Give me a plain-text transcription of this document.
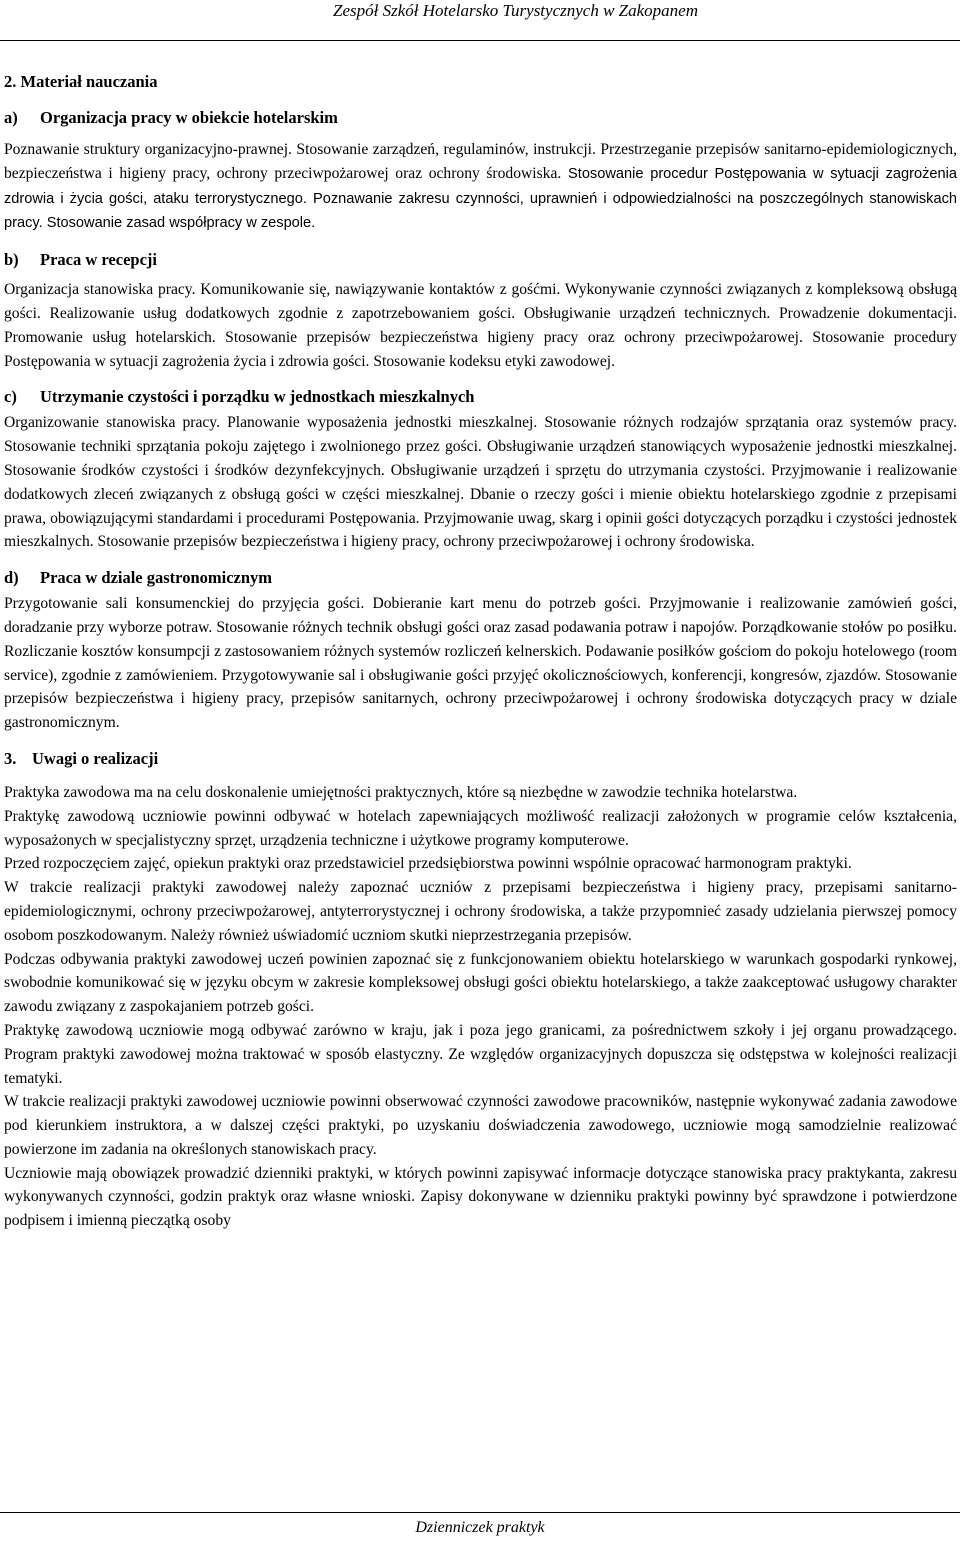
Zespół Szkół Hotelarsko Turystycznych w Zakopanem

2. Materiał nauczania

a) Organizacja pracy w obiekcie hotelarskim

Poznawanie struktury organizacyjno-prawnej. Stosowanie zarządzeń, regulaminów, instrukcji. Przestrzeganie przepisów sanitarno-epidemiologicznych, bezpieczeństwa i higieny pracy, ochrony przeciwpożarowej oraz ochrony środowiska. Stosowanie procedur Postępowania w sytuacji zagrożenia zdrowia i życia gości, ataku terrorystycznego. Poznawanie zakresu czynności, uprawnień i odpowiedzialności na poszczególnych stanowiskach pracy. Stosowanie zasad współpracy w zespole.

b) Praca w recepcji

Organizacja stanowiska pracy. Komunikowanie się, nawiązywanie kontaktów z gośćmi. Wykonywanie czynności związanych z kompleksową obsługą gości. Realizowanie usług dodatkowych zgodnie z zapotrzebowaniem gości. Obsługiwanie urządzeń technicznych. Prowadzenie dokumentacji. Promowanie usług hotelarskich. Stosowanie przepisów bezpieczeństwa higieny pracy oraz ochrony przeciwpożarowej. Stosowanie procedury Postępowania w sytuacji zagrożenia życia i zdrowia gości. Stosowanie kodeksu etyki zawodowej.

c) Utrzymanie czystości i porządku w jednostkach mieszkalnych

Organizowanie stanowiska pracy. Planowanie wyposażenia jednostki mieszkalnej. Stosowanie różnych rodzajów sprzątania oraz systemów pracy. Stosowanie techniki sprzątania pokoju zajętego i zwolnionego przez gości. Obsługiwanie urządzeń stanowiących wyposażenie jednostki mieszkalnej. Stosowanie środków czystości i środków dezynfekcyjnych. Obsługiwanie urządzeń i sprzętu do utrzymania czystości. Przyjmowanie i realizowanie dodatkowych zleceń związanych z obsługą gości w części mieszkalnej. Dbanie o rzeczy gości i mienie obiektu hotelarskiego zgodnie z przepisami prawa, obowiązującymi standardami i procedurami Postępowania. Przyjmowanie uwag, skarg i opinii gości dotyczących porządku i czystości jednostek mieszkalnych. Stosowanie przepisów bezpieczeństwa i higieny pracy, ochrony przeciwpożarowej i ochrony środowiska.

d) Praca w dziale gastronomicznym

Przygotowanie sali konsumenckiej do przyjęcia gości. Dobieranie kart menu do potrzeb gości. Przyjmowanie i realizowanie zamówień gości, doradzanie przy wyborze potraw. Stosowanie różnych technik obsługi gości oraz zasad podawania potraw i napojów. Porządkowanie stołów po posiłku. Rozliczanie kosztów konsumpcji z zastosowaniem różnych systemów rozliczeń kelnerskich. Podawanie posiłków gościom do pokoju hotelowego (room service), zgodnie z zamówieniem. Przygotowywanie sal i obsługiwanie gości przyjęć okolicznościowych, konferencji, kongresów, zjazdów. Stosowanie przepisów bezpieczeństwa i higieny pracy, przepisów sanitarnych, ochrony przeciwpożarowej i ochrony środowiska dotyczących pracy w dziale gastronomicznym.

3. Uwagi o realizacji

Praktyka zawodowa ma na celu doskonalenie umiejętności praktycznych, które są niezbędne w zawodzie technika hotelarstwa.

Praktykę zawodową uczniowie powinni odbywać w hotelach zapewniających możliwość realizacji założonych w programie celów kształcenia, wyposażonych w specjalistyczny sprzęt, urządzenia techniczne i użytkowe programy komputerowe.

Przed rozpoczęciem zajęć, opiekun praktyki oraz przedstawiciel przedsiębiorstwa powinni wspólnie opracować harmonogram praktyki.

W trakcie realizacji praktyki zawodowej należy zapoznać uczniów z przepisami bezpieczeństwa i higieny pracy, przepisami sanitarno- epidemiologicznymi, ochrony przeciwpożarowej, antyterrorystycznej i ochrony środowiska, a także przypomnieć zasady udzielania pierwszej pomocy osobom poszkodowanym. Należy również uświadomić uczniom skutki nieprzestrzegania przepisów.

Podczas odbywania praktyki zawodowej uczeń powinien zapoznać się z funkcjonowaniem obiektu hotelarskiego w warunkach gospodarki rynkowej, swobodnie komunikować się w języku obcym w zakresie kompleksowej obsługi gości obiektu hotelarskiego, a także zaakceptować usługowy charakter zawodu związany z zaspokajaniem potrzeb gości.

Praktykę zawodową uczniowie mogą odbywać zarówno w kraju, jak i poza jego granicami, za pośrednictwem szkoły i jej organu prowadzącego. Program praktyki zawodowej można traktować w sposób elastyczny. Ze względów organizacyjnych dopuszcza się odstępstwa w kolejności realizacji tematyki.

W trakcie realizacji praktyki zawodowej uczniowie powinni obserwować czynności zawodowe pracowników, następnie wykonywać zadania zawodowe pod kierunkiem instruktora, a w dalszej części praktyki, po uzyskaniu doświadczenia zawodowego, uczniowie mogą samodzielnie realizować powierzone im zadania na określonych stanowiskach pracy.

Uczniowie mają obowiązek prowadzić dzienniki praktyki, w których powinni zapisywać informacje dotyczące stanowiska pracy praktykanta, zakresu wykonywanych czynności, godzin praktyk oraz własne wnioski. Zapisy dokonywane w dzienniku praktyki powinny być sprawdzone i potwierdzone podpisem i imienną pieczątką osoby

Dzienniczek praktyk
